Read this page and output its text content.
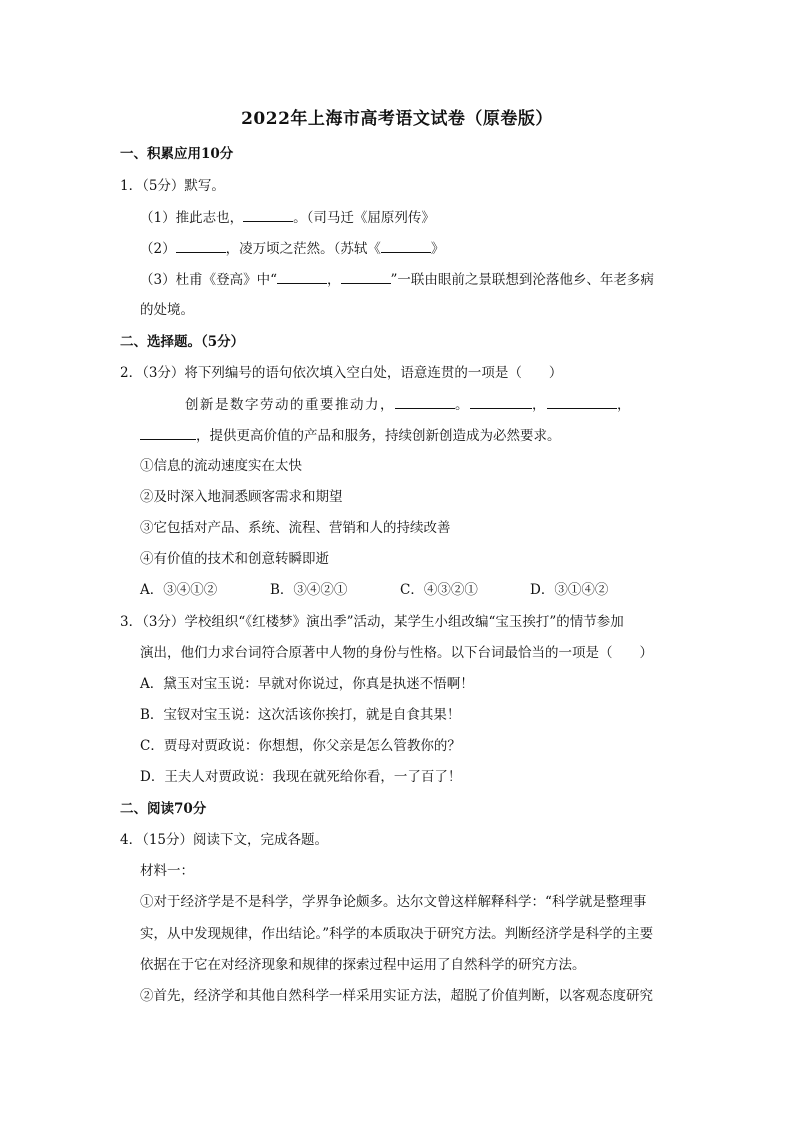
2022年上海市高考语文试卷（原卷版）
一、积累应用10分
1．（5分）默写。
（1）推此志也，	。（司马迁《屈原列传》
（2）	，凌万顷之茫然。（苏轼《	》
（3）杜甫《登高》中“	，	”一联由眼前之景联想到沦落他乡、年老多病
的处境。
二、选择题。（5分）
2．（3分）将下列编号的语句依次填入空白处，语意连贯的一项是（　　）
创新是数字劳动的重要推动力，	。	，	，
，提供更高价值的产品和服务，持续创新创造成为必然要求。
①信息的流动速度实在太快
②及时深入地洞悉顾客需求和期望
③它包括对产品、系统、流程、营销和人的持续改善
④有价值的技术和创意转瞬即逝
A．③④①②	B．③④②①	C．④③②①	D．③①④②
3．（3分）学校组织“《红楼梦》演出季”活动，某学生小组改编“宝玉挨打”的情节参加
演出，他们力求台词符合原著中人物的身份与性格。以下台词最恰当的一项是（　　）
A．黛玉对宝玉说：早就对你说过，你真是执迷不悟啊！
B．宝钗对宝玉说：这次活该你挨打，就是自食其果！
C．贾母对贾政说：你想想，你父亲是怎么管教你的？
D．王夫人对贾政说：我现在就死给你看，一了百了！
二、阅读70分
4．（15分）阅读下文，完成各题。
材料一：
①对于经济学是不是科学，学界争论颇多。达尔文曾这样解释科学：“科学就是整理事
实，从中发现规律，作出结论。”科学的本质取决于研究方法。判断经济学是科学的主要
依据在于它在对经济现象和规律的探索过程中运用了自然科学的研究方法。
②首先，经济学和其他自然科学一样采用实证方法，超脱了价值判断，以客观态度研究
